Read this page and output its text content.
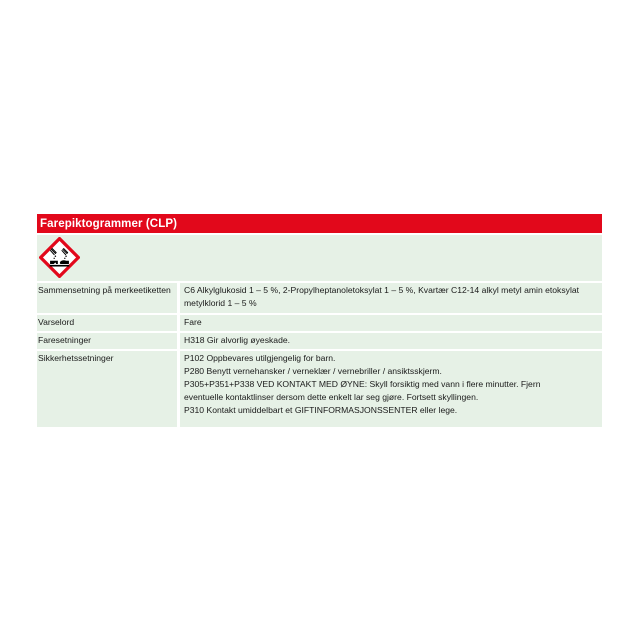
Farepiktogrammer (CLP)
Sammensetning på merkeetiketten	C6 Alkylglukosid 1 – 5 %, 2-Propylheptanoletoksylat 1 – 5 %, Kvartær C12-14 alkyl metyl amin etoksylat metylklorid 1 – 5 %
Varselord	Fare
Faresetninger	H318 Gir alvorlig øyeskade.
Sikkerhetssetninger	P102 Oppbevares utilgjengelig for barn.
P280 Benytt vernehansker / verneklær / vernebriller / ansiktsskjerm.
P305+P351+P338 VED KONTAKT MED ØYNE: Skyll forsiktig med vann i flere minutter. Fjern
eventuelle kontaktlinser dersom dette enkelt lar seg gjøre. Fortsett skyllingen.
P310 Kontakt umiddelbart et GIFTINFORMASJONSSENTER eller lege.
